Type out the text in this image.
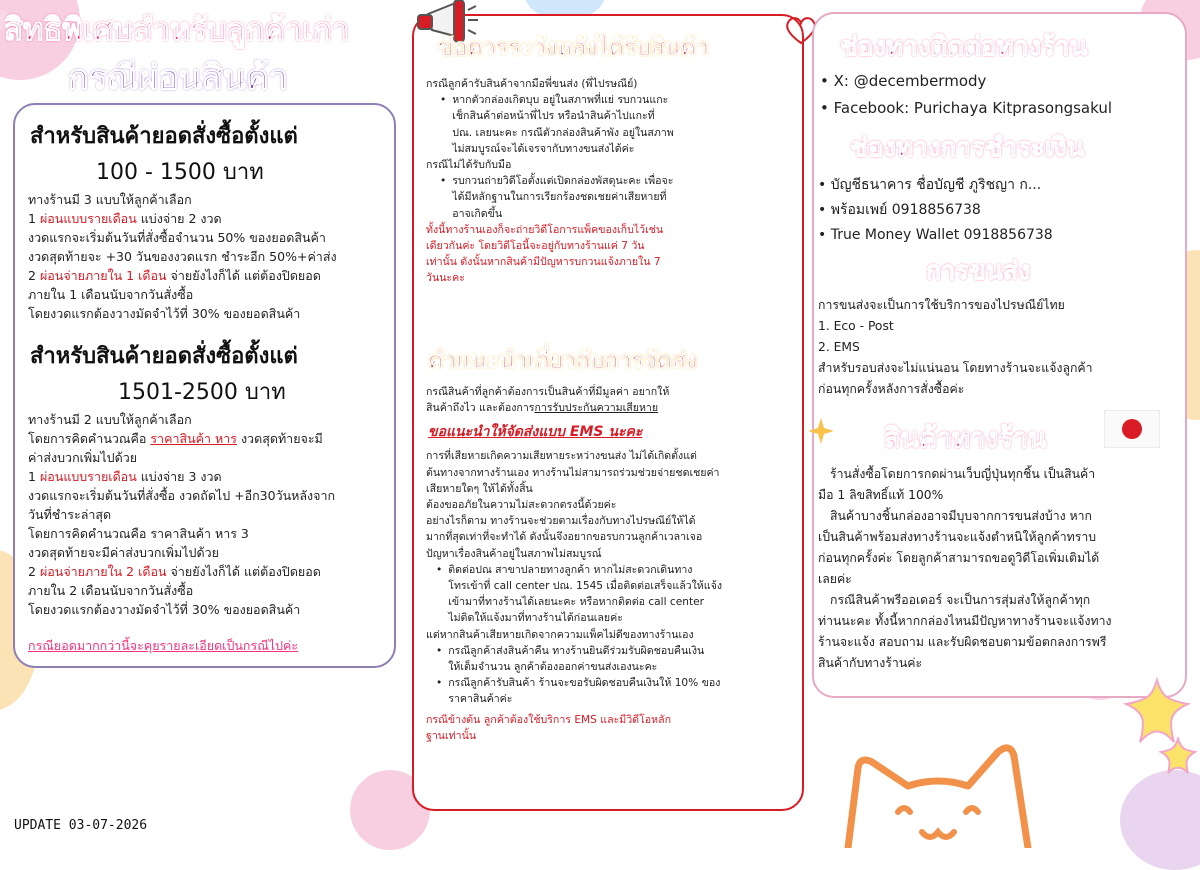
สิทธิพิเศษสำหรับลูกค้าเก่า
กรณีผ่อนสินค้า
สำหรับสินค้ายอดสั่งซื้อตั้งแต่
100 - 1500 บาท
ทางร้านมี 3 แบบให้ลูกค้าเลือก
1 ผ่อนแบบรายเดือน แบ่งจ่าย 2 งวด
งวดแรกจะเริ่มต้นวันที่สั่งซื้อจำนวน 50% ของยอดสินค้า
งวดสุดท้ายจะ +30 วันของงวดแรก ชำระอีก 50%+ค่าส่ง
2 ผ่อนจ่ายภายใน 1 เดือน จ่ายยังไงก็ได้ แต่ต้องปิดยอด
ภายใน 1 เดือนนับจากวันสั่งซื้อ
โดยงวดแรกต้องวางมัดจำไว้ที่ 30% ของยอดสินค้า
สำหรับสินค้ายอดสั่งซื้อตั้งแต่
1501-2500 บาท
ทางร้านมี 2 แบบให้ลูกค้าเลือก
โดยการคิดคำนวณคือ ราคาสินค้า หาร งวดสุดท้ายจะมี
ค่าส่งบวกเพิ่มไปด้วย
1 ผ่อนแบบรายเดือน แบ่งจ่าย 3 งวด
งวดแรกจะเริ่มต้นวันที่สั่งซื้อ งวดถัดไป +อีก30วันหลังจาก
วันที่ชำระล่าสุด
โดยการคิดคำนวณคือ ราคาสินค้า หาร 3
งวดสุดท้ายจะมีค่าส่งบวกเพิ่มไปด้วย
2 ผ่อนจ่ายภายใน 2 เดือน จ่ายยังไงก็ได้ แต่ต้องปิดยอด
ภายใน 2 เดือนนับจากวันสั่งซื้อ
โดยงวดแรกต้องวางมัดจำไว้ที่ 30% ของยอดสินค้า
กรณียอดมากกว่านี้จะคุยรายละเอียดเป็นกรณีไปค่ะ
UPDATE 03-07-2026
ข้อควรระวังหลังได้รับสินค้า
กรณีลูกค้ารับสินค้าจากมือพี่ขนส่ง (พี่ไปรษณีย์)
• หากตัวกล่องเกิดบุบ อยู่ในสภาพที่แย่ รบกวนแกะ
เช็กสินค้าต่อหน้าพี่ไปร หรือนำสินค้าไปแกะที่
ปณ. เลยนะคะ กรณีตัวกล่องสินค้าพัง อยู่ในสภาพ
ไม่สมบูรณ์จะได้เจรจากับทางขนส่งได้ค่ะ
กรณีไม่ได้รับกับมือ
• รบกวนถ่ายวิดีโอตั้งแต่เปิดกล่องพัสดุนะคะ เพื่อจะ
ได้มีหลักฐานในการเรียกร้องชดเชยค่าเสียหายที่
อาจเกิดขึ้น
ทั้งนี้ทางร้านเองก็จะถ่ายวิดีโอการแพ็คของเก็บไว้เช่น
เดียวกันค่ะ โดยวิดีโอนี้จะอยู่กับทางร้านแค่ 7 วัน
เท่านั้น ดังนั้นหากสินค้ามีปัญหารบกวนแจ้งภายใน 7
วันนะคะ
คำแนะนำเกี่ยวกับการจัดส่ง
กรณีสินค้าที่ลูกค้าต้องการเป็นสินค้าที่มีมูลค่า อยากให้
สินค้าถึงไว และต้องการการรับประกันความเสียหาย
ขอแนะนำให้จัดส่งแบบ EMS นะคะ
การที่เสียหายเกิดความเสียหายระหว่างขนส่ง ไม่ได้เกิดตั้งแต่
ต้นทางจากทางร้านเอง ทางร้านไม่สามารถร่วมช่วยจ่ายชดเชยค่า
เสียหายใดๆ ให้ได้ทั้งสิ้น
ต้องขออภัยในความไม่สะดวกตรงนี้ด้วยค่ะ
อย่างไรก็ตาม ทางร้านจะช่วยตามเรื่องกับทางไปรษณีย์ให้ได้
มากที่สุดเท่าที่จะทำได้ ดังนั้นจึงอยากขอรบกวนลูกค้าเวลาเจอ
ปัญหาเรื่องสินค้าอยู่ในสภาพไม่สมบูรณ์
• ติดต่อปณ สาขาปลายทางลูกค้า หากไม่สะดวกเดินทาง
โทรเข้าที่ call center ปณ. 1545 เมื่อติดต่อเสร็จแล้วให้แจ้ง
เข้ามาที่ทางร้านได้เลยนะคะ หรือหากติดต่อ call center
ไม่ติดให้แจ้งมาที่ทางร้านได้ก่อนเลยค่ะ
แต่หากสินค้าเสียหายเกิดจากความแพ็คไม่ดีของทางร้านเอง
• กรณีลูกค้าส่งสินค้าคืน ทางร้านยินดีร่วมรับผิดชอบคืนเงิน
ให้เต็มจำนวน ลูกค้าต้องออกค่าขนส่งเองนะคะ
• กรณีลูกค้ารับสินค้า ร้านจะขอรับผิดชอบคืนเงินให้ 10% ของ
ราคาสินค้าค่ะ
กรณีข้างต้น ลูกค้าต้องใช้บริการ EMS และมีวิดีโอหลัก
ฐานเท่านั้น
ช่องทางติดต่อทางร้าน
• X: @decembermody
• Facebook: Purichaya Kitprasongsakul
ช่องทางการชำระเงิน
• บัญชีธนาคาร ชื่อบัญชี ภูริชญา ก...
• พร้อมเพย์ 0918856738
• True Money Wallet 0918856738
การขนส่ง
การขนส่งจะเป็นการใช้บริการของไปรษณีย์ไทย
1. Eco - Post
2. EMS
สำหรับรอบส่งจะไม่แน่นอน โดยทางร้านจะแจ้งลูกค้า
ก่อนทุกครั้งหลังการสั่งซื้อค่ะ
สินค้าทางร้าน
ร้านสั่งซื้อโดยการกดผ่านเว็บญี่ปุ่นทุกชิ้น เป็นสินค้า
มือ 1 ลิขสิทธิ์แท้ 100%
สินค้าบางชิ้นกล่องอาจมีบุบจากการขนส่งบ้าง หาก
เป็นสินค้าพร้อมส่งทางร้านจะแจ้งตำหนิให้ลูกค้าทราบ
ก่อนทุกครั้งค่ะ โดยลูกค้าสามารถขอดูวิดีโอเพิ่มเติมได้
เลยค่ะ
กรณีสินค้าพรีออเดอร์ จะเป็นการสุ่มส่งให้ลูกค้าทุก
ท่านนะคะ ทั้งนี้หากกล่องไหนมีปัญหาทางร้านจะแจ้งทาง
ร้านจะแจ้ง สอบถาม และรับผิดชอบตามข้อตกลงการพรี
สินค้ากับทางร้านค่ะ
